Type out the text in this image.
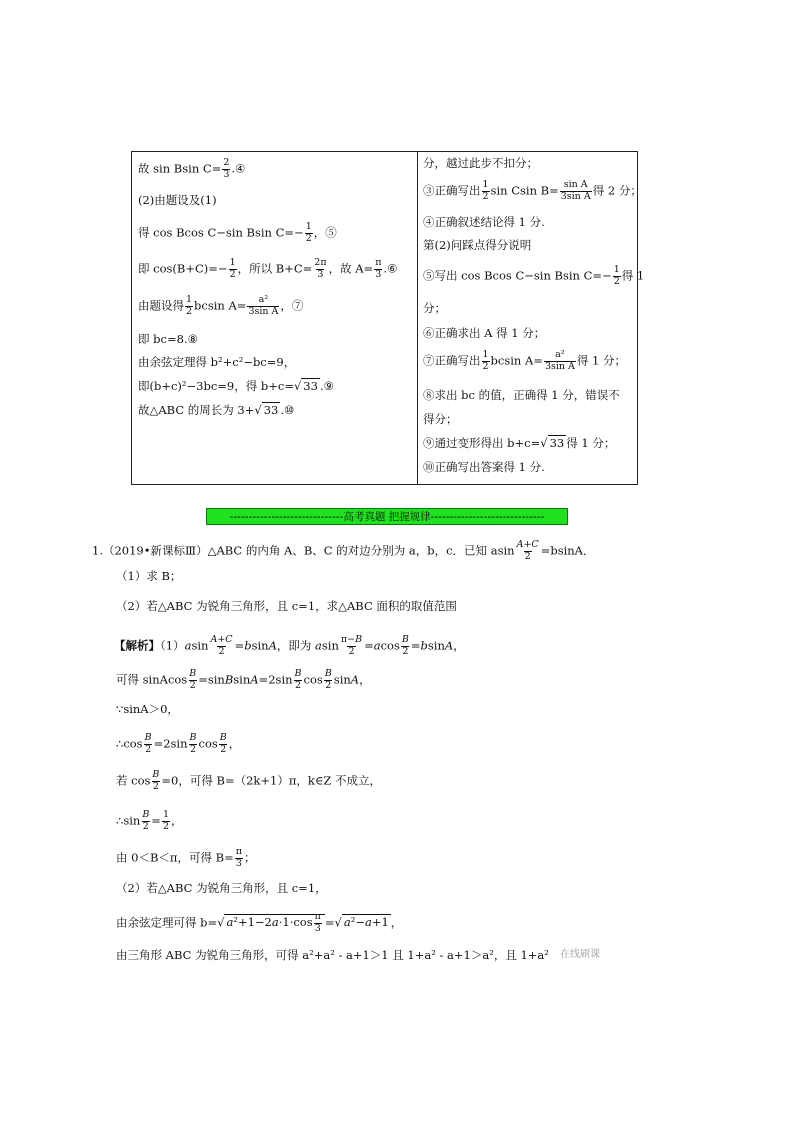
故 sin Bsin $C= \frac{2}{3}$ .④
(2)由题设及(1)
得 cos Bcos C−sin Bsin $C=- \frac{1}{2}$ ，⑤
即 $\cos(B+C)=- \frac{1}{2}$ ，所以 $B+C= \frac{2\pi}{3}$ ，故 $A= \frac{\pi}{3}$ .⑥
由题设得 $\frac{1}{2}$ bcsin $A= \frac{\text{a²}}{\text{3sin A}}$ ，⑦
即 bc=8.⑧
由余弦定理得 b²+c²−bc=9，
即(b+c)²−3bc=9，得 b+c=√ 33 .⑨
故△ABC 的周长为 3+√ 33 .⑩
分，越过此步不扣分；
③正确写出 $\frac{1}{2}$ sin Csin $B= \frac{\text{sin A}}{\text{3sin A}}$ 得 2 分；
④正确叙述结论得 1 分.
第(2)问踩点得分说明
⑤写出 cos Bcos C−sin Bsin $C=- \frac{1}{2}$ 得 1
分；
⑥正确求出 A 得 1 分；
⑦正确写出 $\frac{1}{2}$ bcsin $A= \frac{\text{a²}}{\text{3sin A}}$ 得 1 分；
⑧求出 bc 的值，正确得 1 分，错误不
得分；
⑨通过变形得出 b+c=√ 33 得 1 分；
⑩正确写出答案得 1 分.
------------------------------高考真题 把握规律------------------------------
1.（2019•新课标Ⅲ）△ABC 的内角 A、B、C 的对边分别为 a，b，c．已知 asin $\frac{A+C}{2} =bsinA$．
（1）求 B；
（2）若△ABC 为锐角三角形，且 c=1，求△ABC 面积的取值范围
【解析】$(1)asin \frac{A+C}{2} =bsinA$，即为 asin $\frac{\pi-B}{2} =acos \frac{B}{2} =bsinA$，
可得 sinAcos $\frac{B}{2}$ =sinBsinA=2sin $\frac{B}{2}$ $\cos \frac{B}{2}$ sinA，
∵sinA＞0，
∴cos $\frac{B}{2} =2\sin \frac{B}{2}$ $\cos \frac{B}{2}$ ，
若 $\cos \frac{B}{2} =0$，可得 B=（2k+1）π，k∈Z 不成立，
∴sin $\frac{B}{2} = \frac{1}{2}$ ，
由 0＜B＜π，可得 $B= \frac{\pi}{3}$ ；
（2）若△ABC 为锐角三角形，且 c=1，
由余弦定理可得 b=√ $a^2+1-2a\cdot 1\cdot\cos \frac{\pi}{3}$ =√ a²−a+1 ，
由三角形 ABC 为锐角三角形，可得 a²+a² - a+1＞1 且 1+a² - a+1＞a²，且 1+a² 在线刷课
